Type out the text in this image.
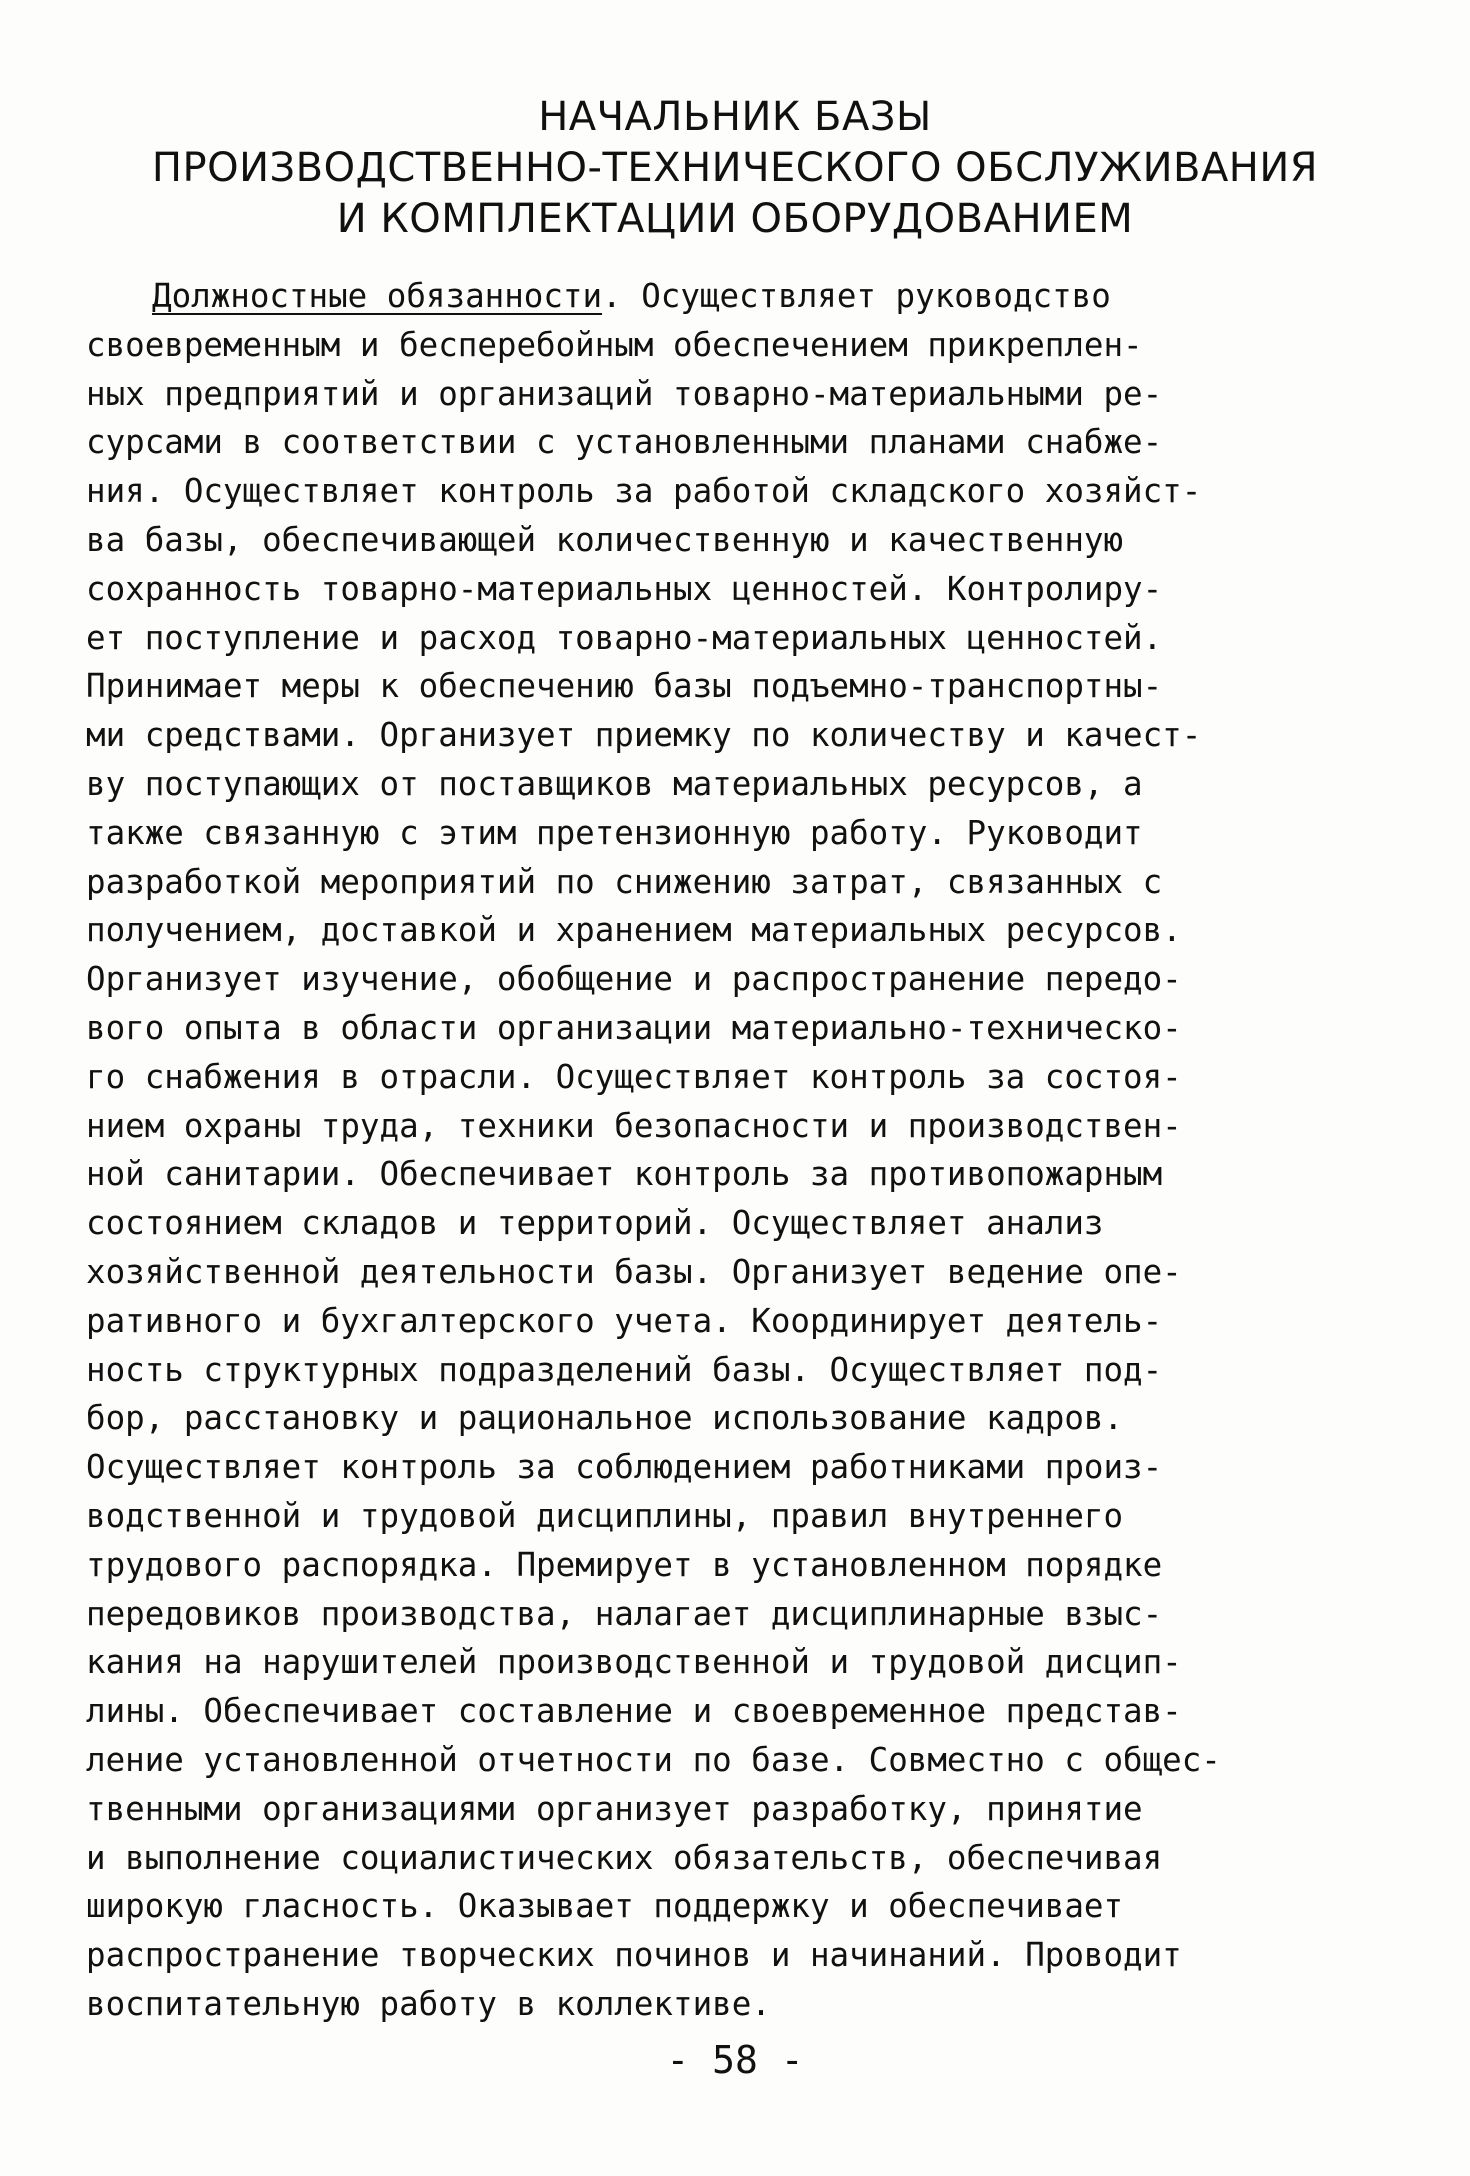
НАЧАЛЬНИК БАЗЫ
ПРОИЗВОДСТВЕННО-ТЕХНИЧЕСКОГО ОБСЛУЖИВАНИЯ
И КОМПЛЕКТАЦИИ ОБОРУДОВАНИЕМ
Должностные обязанности. Осуществляет руководство
своевременным и бесперебойным обеспечением прикреплен-
ных предприятий и организаций товарно-материальными ре-
сурсами в соответствии с установленными планами снабже-
ния. Осуществляет контроль за работой складского хозяйст-
ва базы, обеспечивающей количественную и качественную
сохранность товарно-материальных ценностей. Контролиру-
ет поступление и расход товарно-материальных ценностей.
Принимает меры к обеспечению базы подъемно-транспортны-
ми средствами. Организует приемку по количеству и качест-
ву поступающих от поставщиков материальных ресурсов, а
также связанную с этим претензионную работу. Руководит
разработкой мероприятий по снижению затрат, связанных с
получением, доставкой и хранением материальных ресурсов.
Организует изучение, обобщение и распространение передо-
вого опыта в области организации материально-техническо-
го снабжения в отрасли. Осуществляет контроль за состоя-
нием охраны труда, техники безопасности и производствен-
ной санитарии. Обеспечивает контроль за противопожарным
состоянием складов и территорий. Осуществляет анализ
хозяйственной деятельности базы. Организует ведение опе-
ративного и бухгалтерского учета. Координирует деятель-
ность структурных подразделений базы. Осуществляет под-
бор, расстановку и рациональное использование кадров.
Осуществляет контроль за соблюдением работниками произ-
водственной и трудовой дисциплины, правил внутреннего
трудового распорядка. Премирует в установленном порядке
передовиков производства, налагает дисциплинарные взыс-
кания на нарушителей производственной и трудовой дисцип-
лины. Обеспечивает составление и своевременное представ-
ление установленной отчетности по базе. Совместно с общес-
твенными организациями организует разработку, принятие
и выполнение социалистических обязательств, обеспечивая
широкую гласность. Оказывает поддержку и обеспечивает
распространение творческих починов и начинаний. Проводит
воспитательную работу в коллективе.
- 58 -
